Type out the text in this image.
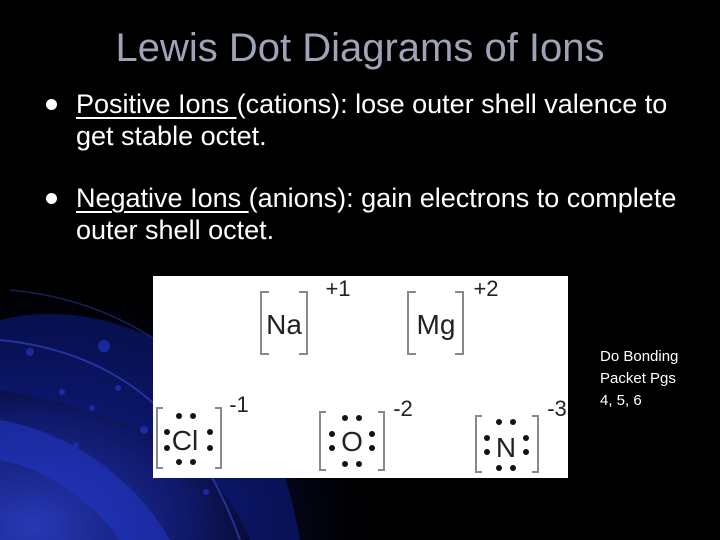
Lewis Dot Diagrams of Ions
Positive Ions (cations): lose outer shell valence to get stable octet.
Negative Ions (anions): gain electrons to complete outer shell octet.
Na
+1
Mg
+2
Cl
-1
O
-2
N
-3
Do Bonding
Packet Pgs
4, 5, 6
